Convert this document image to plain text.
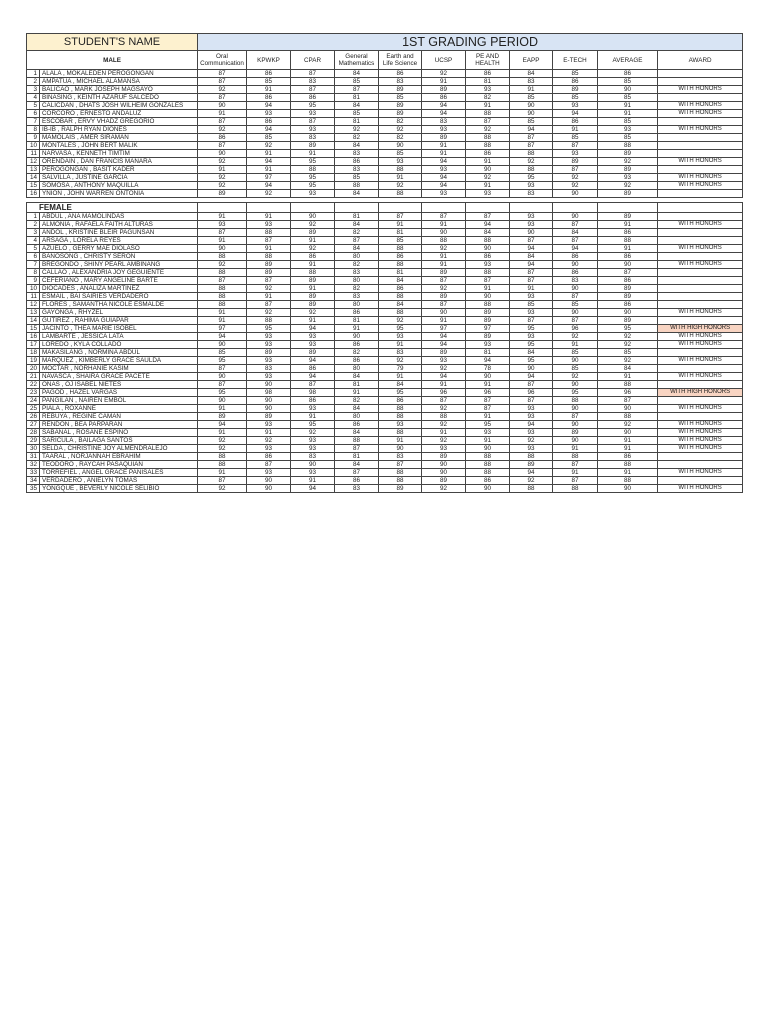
STUDENT'S NAME		1ST GRADING PERIOD										
MALE		Oral Communication	KPWKP	CPAR	General Mathematics	Earth and Life Science	UCSP	PE AND HEALTH	EAPP	E-TECH	AVERAGE	AWARD
1	ALALA , MOKALEDEN PEROGONGAN	87	86	87	84	86	92	86	84	85	86	
2	AMPATUA , MICHAEL ALAMANSA	87	85	83	85	83	91	81	83	86	85	
3	BALICAO , MARK JOSEPH MAGSAYO	92	91	87	87	89	89	93	91	89	90	WITH HONORS
4	BINASING , KEINTH AZARUF SALCEDO	87	86	86	81	85	86	82	85	85	85	
5	CALICDAN , DHATS JOSH WILHEIM GONZALES	90	94	95	84	89	94	91	90	93	91	WITH HONORS
6	CORCORO , ERNESTO ANDALUZ	91	93	93	85	89	94	88	90	94	91	WITH HONORS
7	ESCOBAR , ERVY VHADZ GREGORIO	87	86	87	81	82	83	87	85	86	85	
8	IB-IB , RALPH RYAN DIONES	92	94	93	92	92	93	92	94	91	93	WITH HONORS
9	MAMOLAIS , AMER SIRAMAN	86	85	83	82	82	89	88	87	85	85	
10	MONTALES , JOHN BERT MALIK	87	92	89	84	90	91	88	87	87	88	
11	NARVASA , KENNETH TIMTIM	90	91	91	83	85	91	86	88	93	89	
12	ORENDAIN , DAN FRANCIS MANARA	92	94	95	86	93	94	91	92	89	92	WITH HONORS
13	PEROGONGAN , BASIT KADER	91	91	88	83	88	93	90	88	87	89	
14	SALVILLA , JUSTINE GARCIA	92	97	95	85	91	94	92	95	92	93	WITH HONORS
15	SOMOSA , ANTHONY MAQUILLA	92	94	95	88	92	94	91	93	92	92	WITH HONORS
16	YNION , JOHN WARREN ONTONIA	89	92	93	84	88	93	93	83	90	89	

FEMALE												
1	ABDUL , ANA MAMOLINDAS	91	91	90	81	87	87	87	93	90	89	
2	ALMONIA , RAFAELA FAITH ALTURAS	93	93	92	84	91	91	94	93	87	91	WITH HONORS
3	ANDOL , KRISTINE BLEIR PAGUNSAN	87	88	89	82	81	90	84	90	84	86	
4	ARSAGA , LORELA REYES	91	87	91	87	85	88	88	87	87	88	
5	AZUELO , GERRY MAE DIOLASO	90	91	92	84	88	92	90	94	94	91	WITH HONORS
6	BANOSONG , CHRISTY SERON	88	88	86	80	86	91	86	84	86	86	
7	BREGONDO , SHINY PEARL AMBINANG	92	89	91	82	88	91	93	94	90	90	WITH HONORS
8	CALLAO , ALEXANDRIA JOY GEGUIENTE	88	89	88	83	81	89	88	87	86	87	
9	CEFERIANO , MARY ANGELINE BARTE	87	87	89	80	84	87	87	87	83	86	
10	DIOCADES , ANALIZA MARTINEZ	88	92	91	82	86	92	91	91	90	89	
11	ESMAIL , BAI SAIRIES VERDADERO	88	91	89	83	88	89	90	93	87	89	
12	FLORES , SAMANTHA NICOLE ESMALDE	88	87	89	80	84	87	88	85	85	86	
13	GAYONGA , RHYZEL	91	92	92	86	88	90	89	93	90	90	WITH HONORS
14	GUTIREZ , RAHIMA GUIAPAR	91	88	91	81	92	91	89	87	87	89	
15	JACINTO , THEA MARIE ISOBEL	97	95	94	91	95	97	97	95	96	95	WITH HIGH HONORS
16	LAMBARTE , JESSICA LATA	94	93	93	90	93	94	89	93	92	92	WITH HONORS
17	LOREDO , KYLA COLLADO	90	93	93	86	91	94	93	95	91	92	WITH HONORS
18	MAKASILANG , NORMINA ABDUL	85	89	89	82	83	89	81	84	85	85	
19	MARQUEZ , KIMBERLY GRACE SAULDA	95	93	94	86	92	93	94	95	90	92	WITH HONORS
20	MOCTAR , NORHANIE KASIM	87	83	86	80	79	92	78	90	85	84	
21	NAVASCA , SHAIRA GRACE PACETE	90	93	94	84	91	94	90	94	92	91	WITH HONORS
22	ONAS , OJ ISABEL NIETES	87	90	87	81	84	91	91	87	90	88	
23	PAGOD , HAZEL VARGAS	95	98	98	91	95	96	96	96	95	96	WITH HIGH HONORS
24	PANGILAN , NAIREN EMBOL	90	90	86	82	86	87	87	87	88	87	
25	PIALA , ROXANNE	91	90	93	84	88	92	87	93	90	90	WITH HONORS
26	REBUYA , REGINE CAMAN	89	89	91	80	88	88	91	93	87	88	
27	RENDON , BEA PARPARAN	94	93	95	86	93	92	95	94	90	92	WITH HONORS
28	SABANAL , ROSANE ESPINO	91	91	92	84	88	91	93	93	89	90	WITH HONORS
29	SARICULA , BAILAGA SANTOS	92	92	93	88	91	92	91	92	90	91	WITH HONORS
30	SELDA , CHRISTINE JOY ALMENDRALEJO	92	93	93	87	90	93	90	93	91	91	WITH HONORS
31	TAARAL , NORJANNAH EBRAHIM	88	86	83	81	83	89	88	88	88	86	
32	TEODORO , RAYCAH PASAQUIAN	88	87	90	84	87	90	88	89	87	88	
33	TORREFIEL , ANGEL GRACE PANISALES	91	93	93	87	88	90	88	94	91	91	WITH HONORS
34	VERDADERO , ANIELYN TOMAS	87	90	91	86	88	89	86	92	87	88	
35	YONGQUE , BEVERLY NICOLE SELIBIO	92	90	94	83	89	92	90	88	88	90	WITH HONORS
